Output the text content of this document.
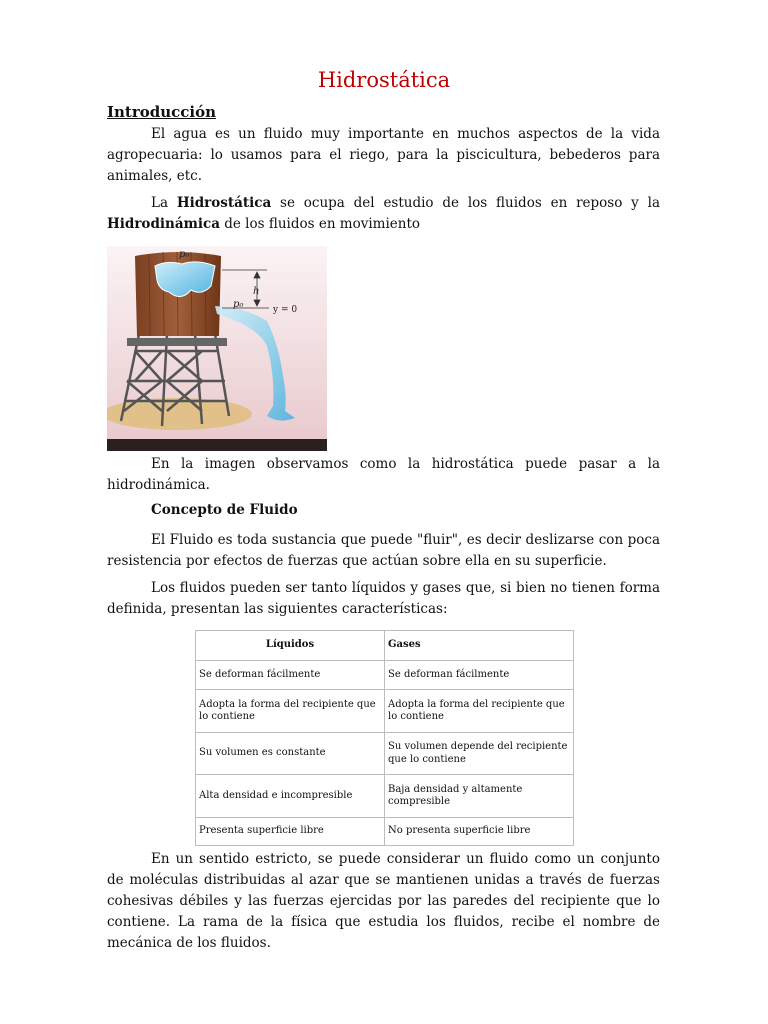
Hidrostática

Introducción

El agua es un fluido muy importante en muchos aspectos de la vida agropecuaria: lo usamos para el riego, para la piscicultura, bebederos para animales, etc.

La Hidrostática se ocupa del estudio de los fluidos en reposo y la Hidrodinámica de los fluidos en movimiento

p₀
h
p₀	y = 0

En la imagen observamos como la hidrostática puede pasar a la hidrodinámica.

Concepto de Fluido

El Fluido es toda sustancia que puede "fluir", es decir deslizarse con poca resistencia por efectos de fuerzas que actúan sobre ella en su superficie.

Los fluidos pueden ser tanto líquidos y gases que, si bien no tienen forma definida, presentan las siguientes características:

Líquidos	Gases
Se deforman fácilmente	Se deforman fácilmente
Adopta la forma del recipiente que lo contiene	Adopta la forma del recipiente que lo contiene
Su volumen es constante	Su volumen depende del recipiente que lo contiene
Alta densidad e incompresible	Baja densidad y altamente compresible
Presenta superficie libre	No presenta superficie libre

En un sentido estricto, se puede considerar un fluido como un conjunto de moléculas distribuidas al azar que se mantienen unidas a través de fuerzas cohesivas débiles y las fuerzas ejercidas por las paredes del recipiente que lo contiene. La rama de la física que estudia los fluidos, recibe el nombre de mecánica de los fluidos.
